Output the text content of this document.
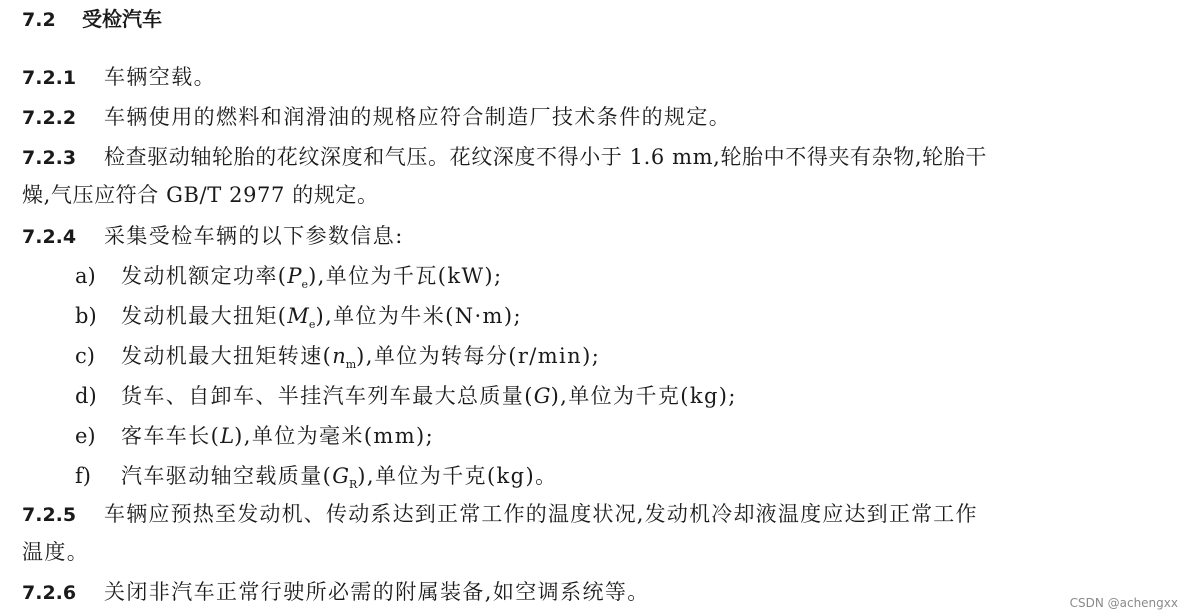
7.2 受检汽车
7.2.1 车辆空载。
7.2.2 车辆使用的燃料和润滑油的规格应符合制造厂技术条件的规定。
7.2.3 检查驱动轴轮胎的花纹深度和气压。花纹深度不得小于 1.6 mm,轮胎中不得夹有杂物,轮胎干
燥,气压应符合 GB/T 2977 的规定。
7.2.4 采集受检车辆的以下参数信息:
a) 发动机额定功率$(P_e)$,单位为千瓦(kW);
b) 发动机最大扭矩$(M_e)$,单位为牛米(N·m);
c) 发动机最大扭矩转速$(n_m)$,单位为转每分(r/min);
d) 货车、自卸车、半挂汽车列车最大总质量(G),单位为千克(kg);
e) 客车车长(L),单位为毫米(mm);
f) 汽车驱动轴空载质量$(G_R)$,单位为千克(kg)。
7.2.5 车辆应预热至发动机、传动系达到正常工作的温度状况,发动机冷却液温度应达到正常工作
温度。
7.2.6 关闭非汽车正常行驶所必需的附属装备,如空调系统等。	CSDN @achengxx
